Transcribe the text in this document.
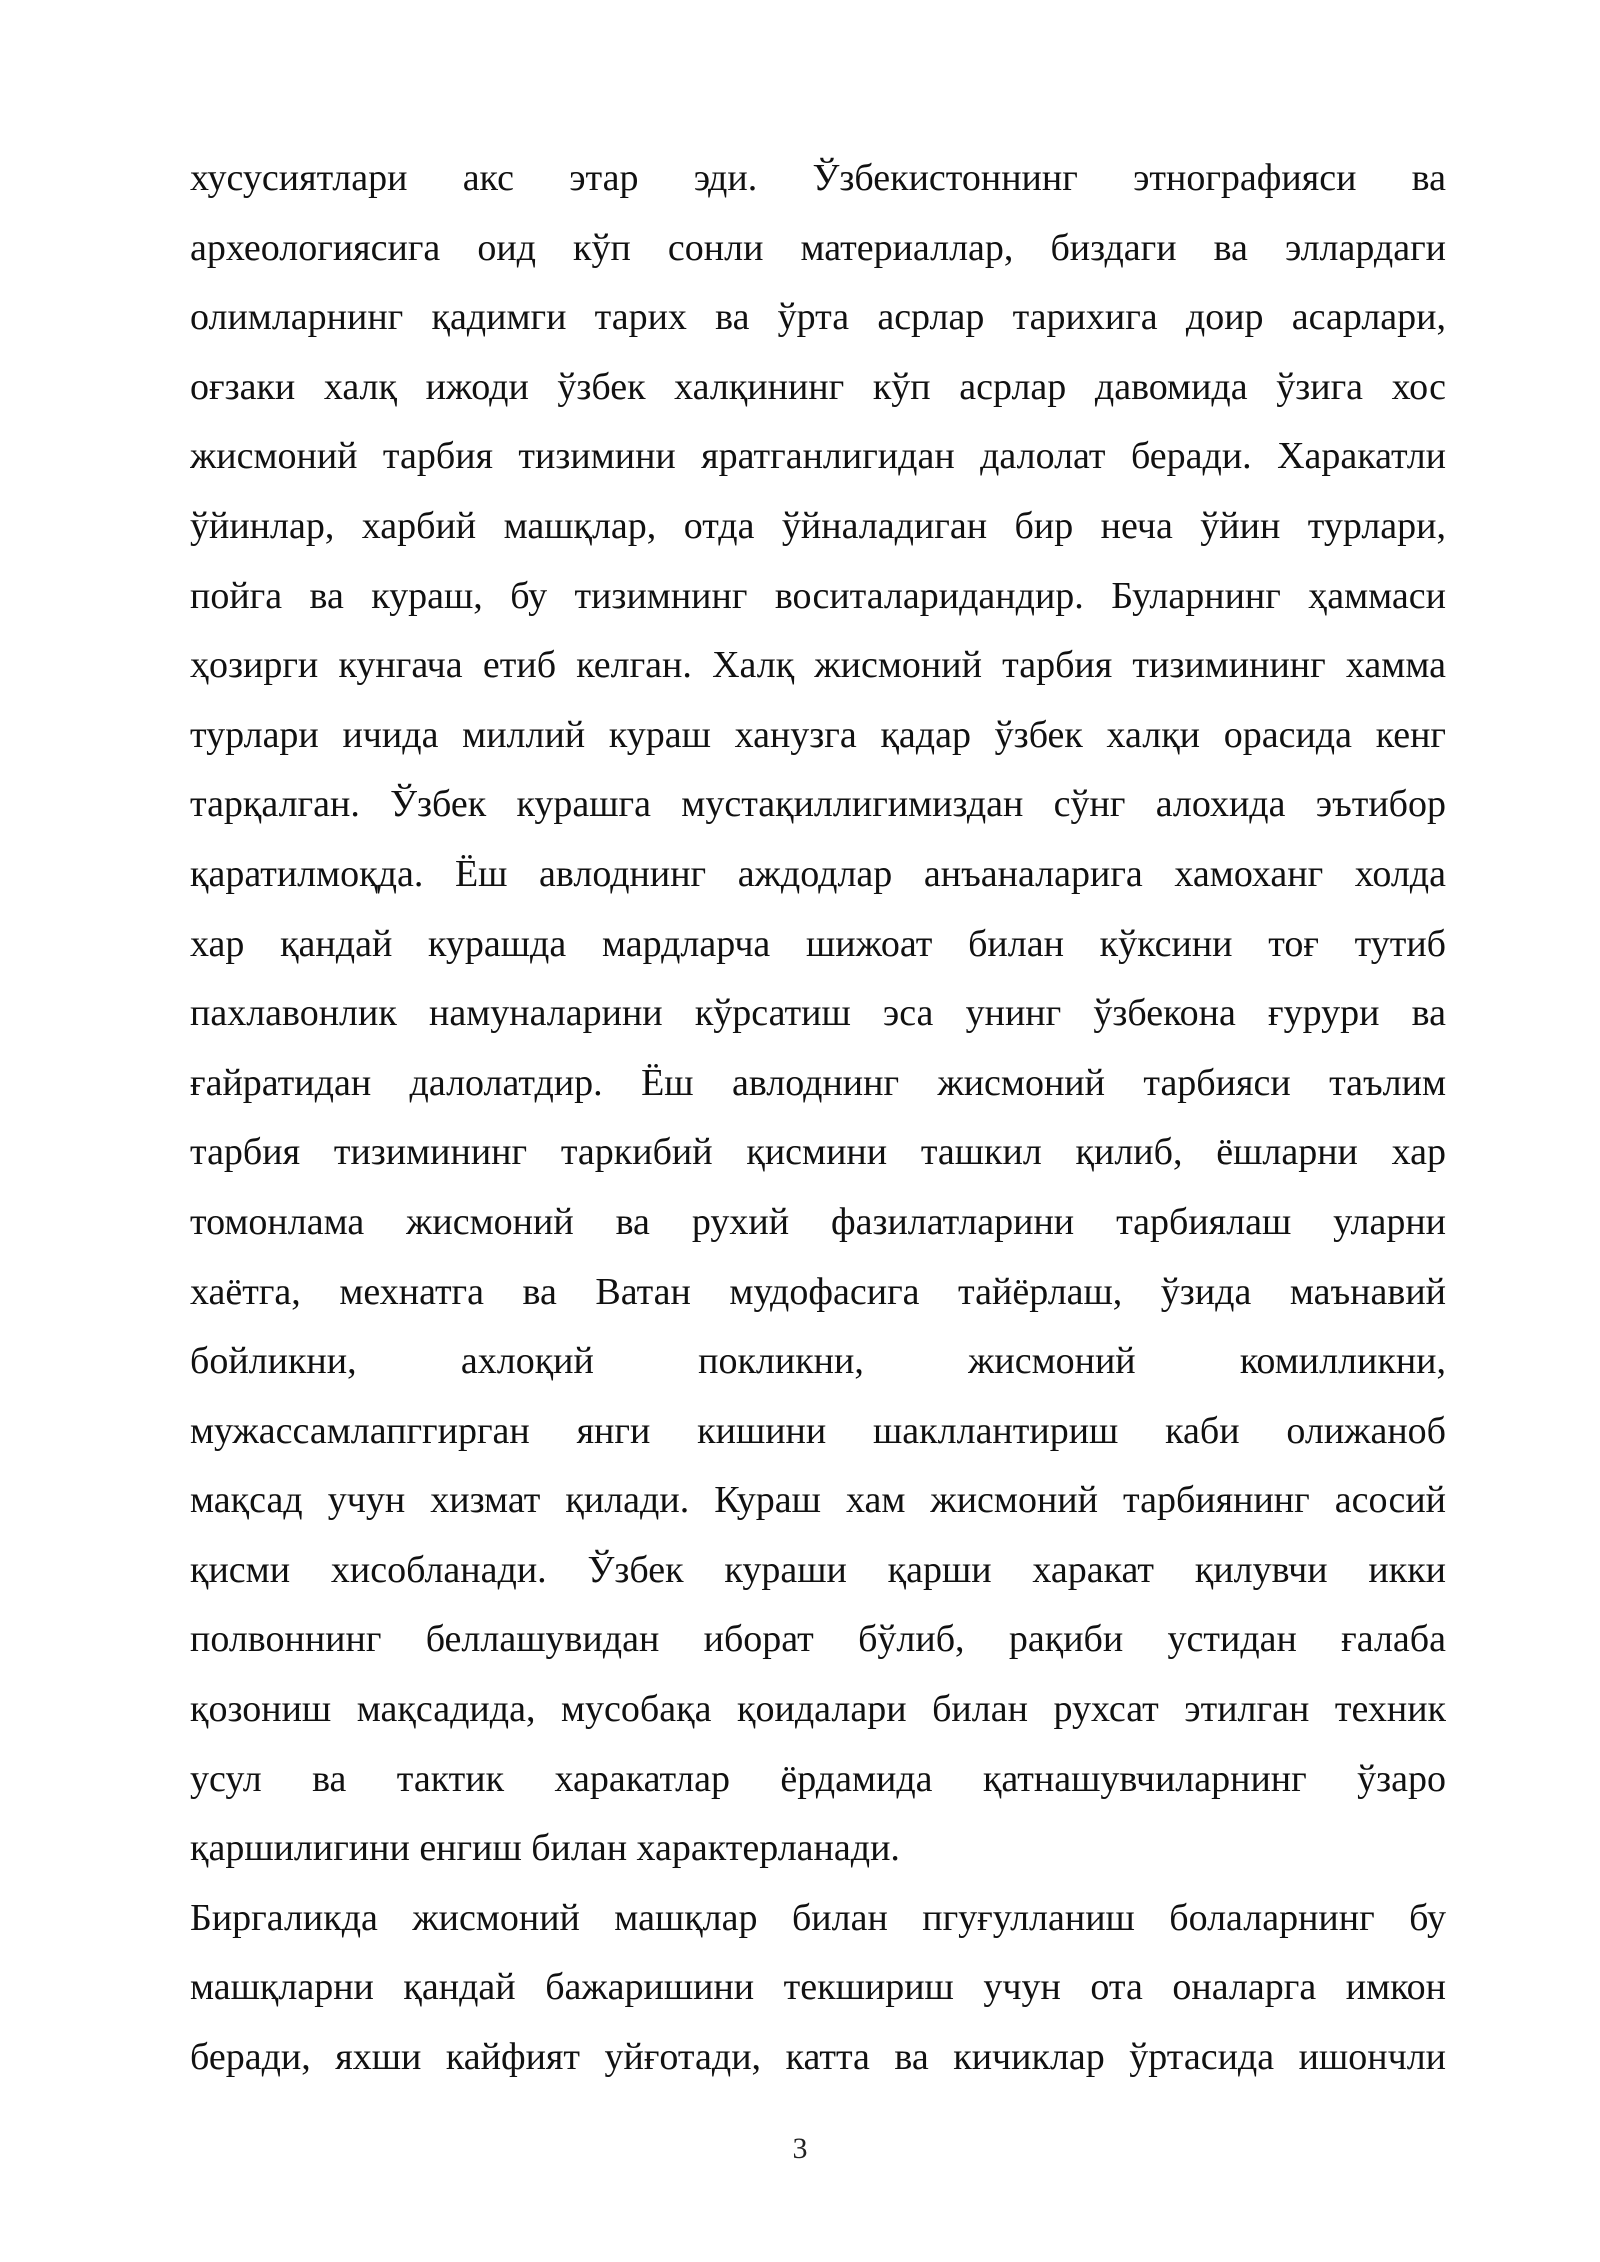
хусусиятлари акс этар эди. Ўзбекистоннинг этнографияси ва
археологиясига оид кўп сонли материаллар, биздаги ва эллардаги
олимларнинг қадимги тарих ва ўрта асрлар тарихига доир асарлари,
оғзаки халқ ижоди ўзбек халқининг кўп асрлар давомида ўзига хос
жисмоний тарбия тизимини яратганлигидан далолат беради. Харакатли
ўйинлар, харбий машқлар, отда ўйналадиган бир неча ўйин турлари,
пойга ва кураш, бу тизимнинг воситаларидандир. Буларнинг ҳаммаси
ҳозирги кунгача етиб келган. Халқ жисмоний тарбия тизимининг хамма
турлари ичида миллий кураш ханузга қадар ўзбек халқи орасида кенг
тарқалган. Ўзбек курашга мустақиллигимиздан сўнг алохида эътибор
қаратилмоқда. Ёш авлоднинг аждодлар анъаналарига хамоханг холда
хар қандай курашда мардларча шижоат билан кўксини тоғ тутиб
пахлавонлик намуналарини кўрсатиш эса унинг ўзбекона ғурури ва
ғайратидан далолатдир. Ёш авлоднинг жисмоний тарбияси таълим
тарбия тизимининг таркибий қисмини ташкил қилиб, ёшларни хар
томонлама жисмоний ва рухий фазилатларини тарбиялаш уларни
хаётга, мехнатга ва Ватан мудофасига тайёрлаш, ўзида маънавий
бойликни, ахлоқий покликни, жисмоний комилликни,
мужассамлапггирган янги кишини шакллантириш каби олижаноб
мақсад учун хизмат қилади. Кураш хам жисмоний тарбиянинг асосий
қисми хисобланади. Ўзбек кураши қарши харакат қилувчи икки
полвоннинг беллашувидан иборат бўлиб, рақиби устидан ғалаба
қозониш мақсадида, мусобақа қоидалари билан рухсат этилган техник
усул ва тактик харакатлар ёрдамида қатнашувчиларнинг ўзаро
қаршилигини енгиш билан характерланади.
Биргаликда жисмоний машқлар билан пгуғулланиш болаларнинг бу
машқларни қандай бажаришини текшириш учун ота оналарга имкон
беради, яхши кайфият уйғотади, катта ва кичиклар ўртасида ишончли
3
